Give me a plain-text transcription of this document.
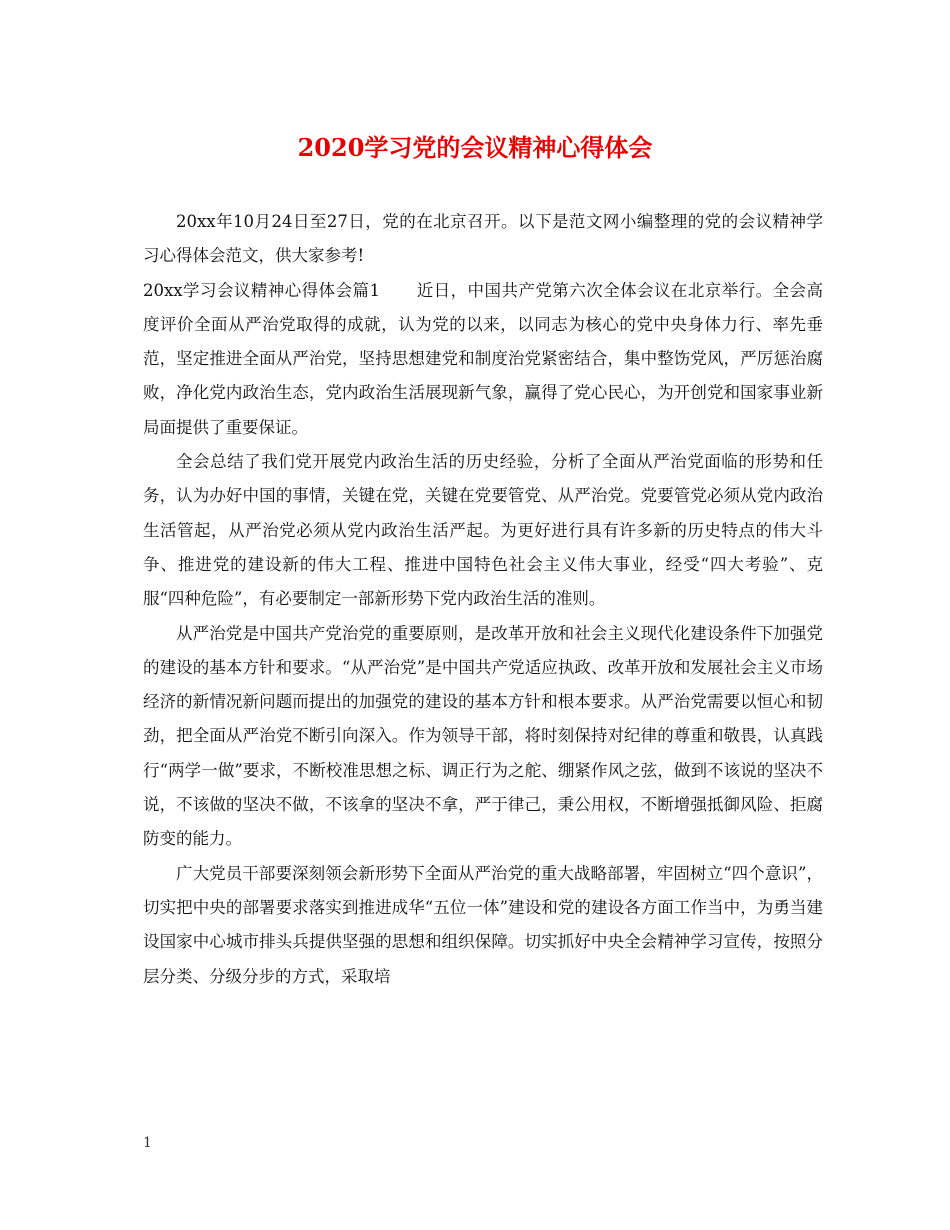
2020学习党的会议精神心得体会

20xx年10月24日至27日，党的在北京召开。以下是范文网小编整理的党的会议精神学习心得体会范文，供大家参考!

20xx学习会议精神心得体会篇1 近日，中国共产党第六次全体会议在北京举行。全会高度评价全面从严治党取得的成就，认为党的以来，以同志为核心的党中央身体力行、率先垂范，坚定推进全面从严治党，坚持思想建党和制度治党紧密结合，集中整饬党风，严厉惩治腐败，净化党内政治生态，党内政治生活展现新气象，赢得了党心民心，为开创党和国家事业新局面提供了重要保证。

全会总结了我们党开展党内政治生活的历史经验，分析了全面从严治党面临的形势和任务，认为办好中国的事情，关键在党，关键在党要管党、从严治党。党要管党必须从党内政治生活管起，从严治党必须从党内政治生活严起。为更好进行具有许多新的历史特点的伟大斗争、推进党的建设新的伟大工程、推进中国特色社会主义伟大事业，经受“四大考验”、克服“四种危险”，有必要制定一部新形势下党内政治生活的准则。

从严治党是中国共产党治党的重要原则，是改革开放和社会主义现代化建设条件下加强党的建设的基本方针和要求。“从严治党”是中国共产党适应执政、改革开放和发展社会主义市场经济的新情况新问题而提出的加强党的建设的基本方针和根本要求。从严治党需要以恒心和韧劲，把全面从严治党不断引向深入。作为领导干部，将时刻保持对纪律的尊重和敬畏，认真践行“两学一做”要求，不断校准思想之标、调正行为之舵、绷紧作风之弦，做到不该说的坚决不说，不该做的坚决不做，不该拿的坚决不拿，严于律己，秉公用权，不断增强抵御风险、拒腐防变的能力。

广大党员干部要深刻领会新形势下全面从严治党的重大战略部署，牢固树立“四个意识”，切实把中央的部署要求落实到推进成华“五位一体”建设和党的建设各方面工作当中，为勇当建设国家中心城市排头兵提供坚强的思想和组织保障。切实抓好中央全会精神学习宣传，按照分层分类、分级分步的方式，采取培

1
